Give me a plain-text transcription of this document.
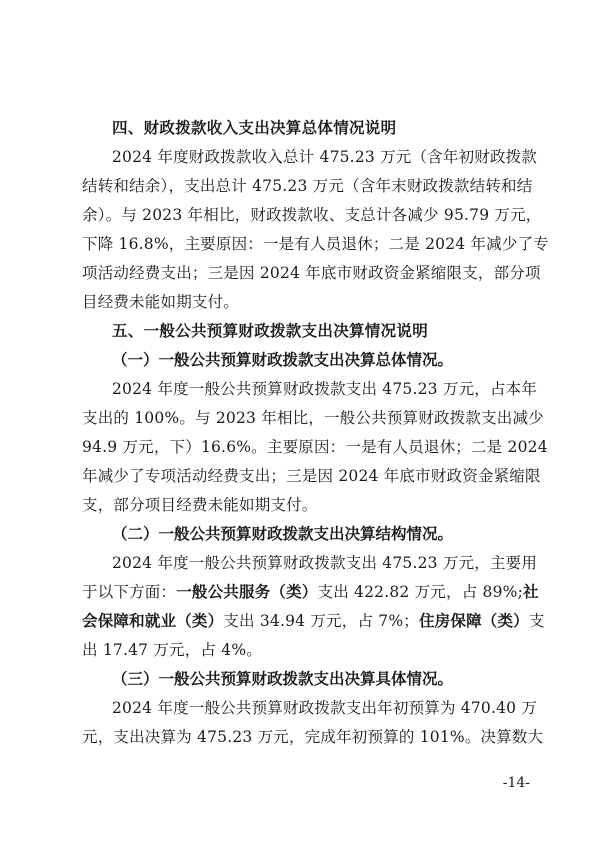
四、财政拨款收入支出决算总体情况说明
2024 年度财政拨款收入总计 475.23 万元（含年初财政拨款
结转和结余），支出总计 475.23 万元（含年末财政拨款结转和结
余）。与 2023 年相比，财政拨款收、支总计各减少 95.79 万元，
下降 16.8%，主要原因：一是有人员退休；二是 2024 年减少了专
项活动经费支出；三是因 2024 年底市财政资金紧缩限支，部分项
目经费未能如期支付。
五、一般公共预算财政拨款支出决算情况说明
（一）一般公共预算财政拨款支出决算总体情况。
2024 年度一般公共预算财政拨款支出 475.23 万元，占本年
支出的 100%。与 2023 年相比，一般公共预算财政拨款支出减少
94.9 万元，下）16.6%。主要原因：一是有人员退休；二是 2024
年减少了专项活动经费支出；三是因 2024 年底市财政资金紧缩限
支，部分项目经费未能如期支付。
（二）一般公共预算财政拨款支出决算结构情况。
2024 年度一般公共预算财政拨款支出 475.23 万元，主要用
于以下方面：一般公共服务（类）支出 422.82 万元，占 89%;社
会保障和就业（类）支出 34.94 万元，占 7%；住房保障（类）支
出 17.47 万元，占 4%。
（三）一般公共预算财政拨款支出决算具体情况。
2024 年度一般公共预算财政拨款支出年初预算为 470.40 万
元，支出决算为 475.23 万元，完成年初预算的 101%。决算数大
-14-
